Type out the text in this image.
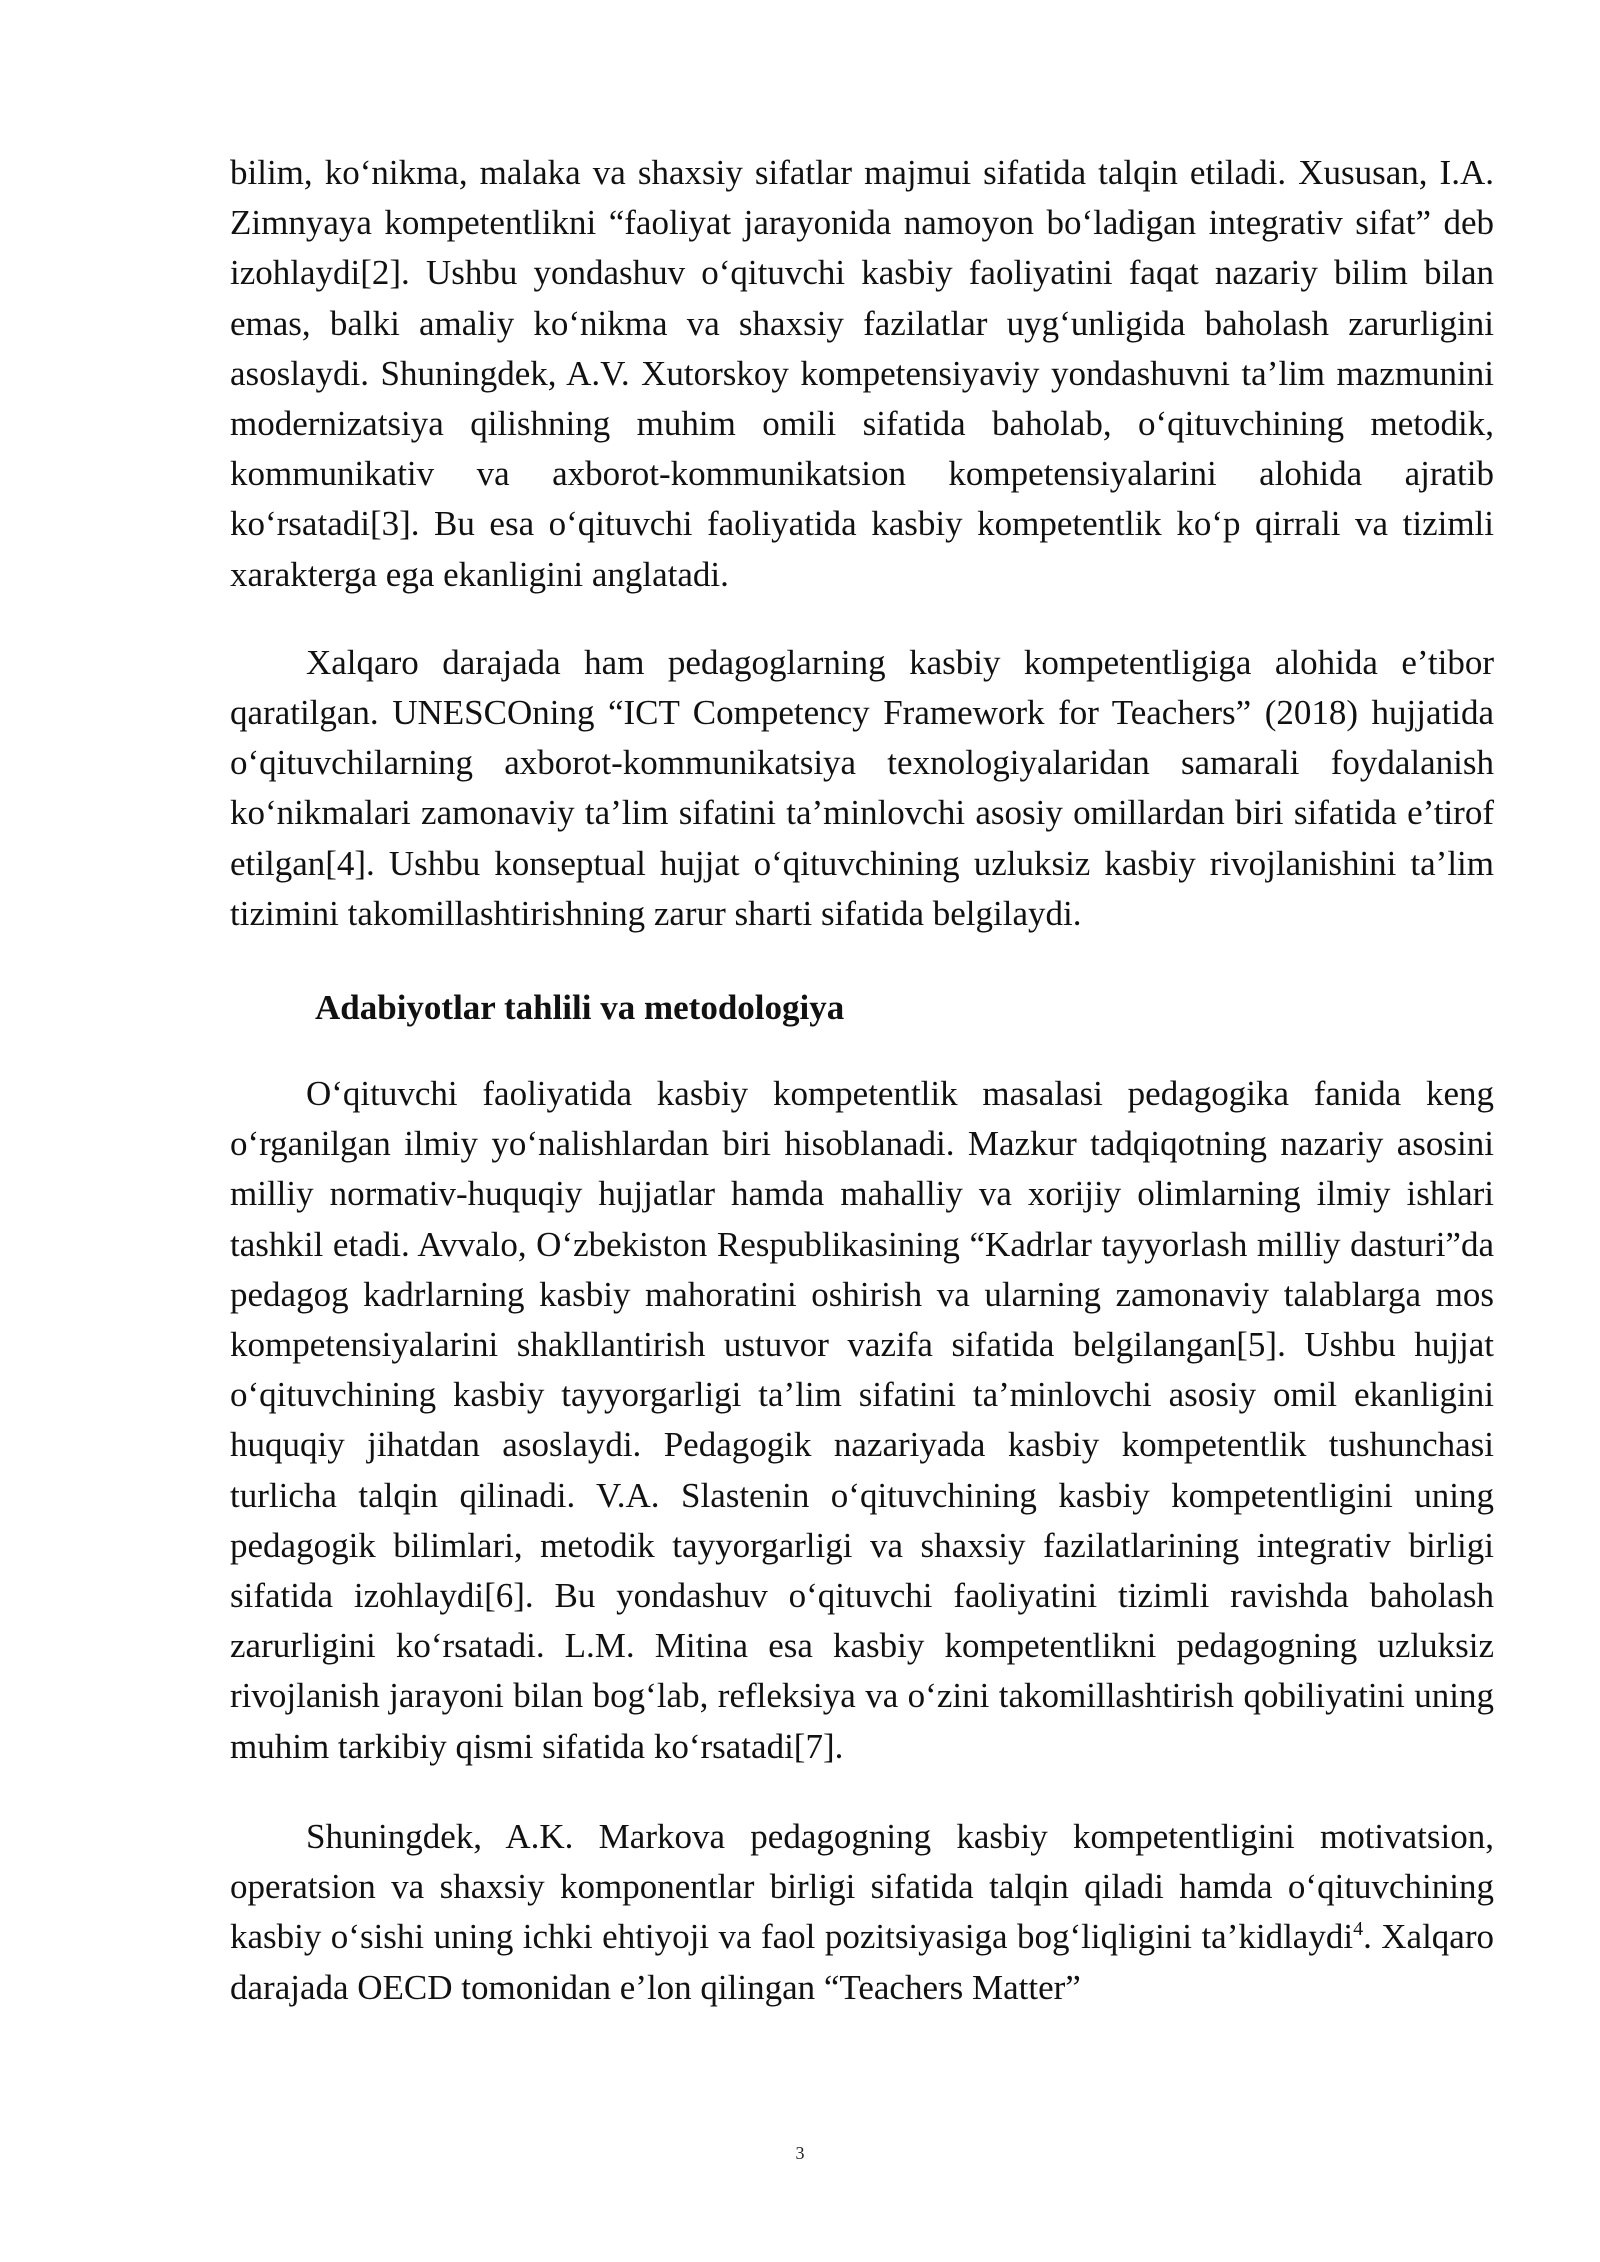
bilim, ko‘nikma, malaka va shaxsiy sifatlar majmui sifatida talqin etiladi. Xususan, I.A. Zimnyaya kompetentlikni “faoliyat jarayonida namoyon bo‘ladigan integrativ sifat” deb izohlaydi[2]. Ushbu yondashuv o‘qituvchi kasbiy faoliyatini faqat nazariy bilim bilan emas, balki amaliy ko‘nikma va shaxsiy fazilatlar uyg‘unligida baholash zarurligini asoslaydi. Shuningdek, A.V. Xutorskoy kompetensiyaviy yondashuvni ta’lim mazmunini modernizatsiya qilishning muhim omili sifatida baholab, o‘qituvchining metodik, kommunikativ va axborot-kommunikatsion kompetensiyalarini alohida ajratib ko‘rsatadi[3]. Bu esa o‘qituvchi faoliyatida kasbiy kompetentlik ko‘p qirrali va tizimli xarakterga ega ekanligini anglatadi.

Xalqaro darajada ham pedagoglarning kasbiy kompetentligiga alohida e’tibor qaratilgan. UNESCOning “ICT Competency Framework for Teachers” (2018) hujjatida o‘qituvchilarning axborot-kommunikatsiya texnologiyalaridan samarali foydalanish ko‘nikmalari zamonaviy ta’lim sifatini ta’minlovchi asosiy omillardan biri sifatida e’tirof etilgan[4]. Ushbu konseptual hujjat o‘qituvchining uzluksiz kasbiy rivojlanishini ta’lim tizimini takomillashtirishning zarur sharti sifatida belgilaydi.

Adabiyotlar tahlili va metodologiya

O‘qituvchi faoliyatida kasbiy kompetentlik masalasi pedagogika fanida keng o‘rganilgan ilmiy yo‘nalishlardan biri hisoblanadi. Mazkur tadqiqotning nazariy asosini milliy normativ-huquqiy hujjatlar hamda mahalliy va xorijiy olimlarning ilmiy ishlari tashkil etadi. Avvalo, O‘zbekiston Respublikasining “Kadrlar tayyorlash milliy dasturi”da pedagog kadrlarning kasbiy mahoratini oshirish va ularning zamonaviy talablarga mos kompetensiyalarini shakllantirish ustuvor vazifa sifatida belgilangan[5]. Ushbu hujjat o‘qituvchining kasbiy tayyorgarligi ta’lim sifatini ta’minlovchi asosiy omil ekanligini huquqiy jihatdan asoslaydi. Pedagogik nazariyada kasbiy kompetentlik tushunchasi turlicha talqin qilinadi. V.A. Slastenin o‘qituvchining kasbiy kompetentligini uning pedagogik bilimlari, metodik tayyorgarligi va shaxsiy fazilatlarining integrativ birligi sifatida izohlaydi[6]. Bu yondashuv o‘qituvchi faoliyatini tizimli ravishda baholash zarurligini ko‘rsatadi. L.M. Mitina esa kasbiy kompetentlikni pedagogning uzluksiz rivojlanish jarayoni bilan bog‘lab, refleksiya va o‘zini takomillashtirish qobiliyatini uning muhim tarkibiy qismi sifatida ko‘rsatadi[7].

Shuningdek, A.K. Markova pedagogning kasbiy kompetentligini motivatsion, operatsion va shaxsiy komponentlar birligi sifatida talqin qiladi hamda o‘qituvchining kasbiy o‘sishi uning ichki ehtiyoji va faol pozitsiyasiga bog‘liqligini ta’kidlaydi$^4$. Xalqaro darajada OECD tomonidan e’lon qilingan “Teachers Matter”

3
